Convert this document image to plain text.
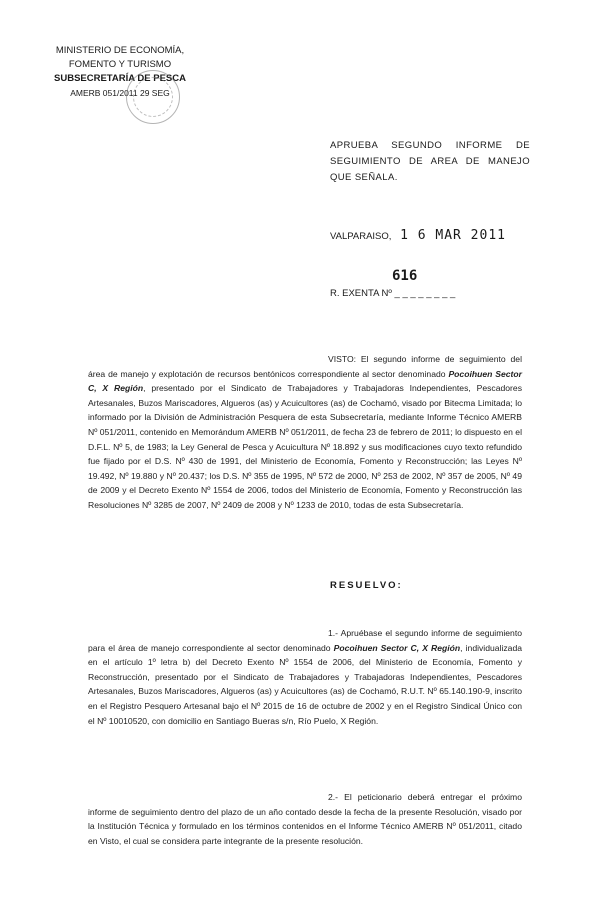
MINISTERIO DE ECONOMÍA,
FOMENTO Y TURISMO
SUBSECRETARÍA DE PESCA
AMERB 051/2011 29 SEG
APRUEBA SEGUNDO INFORME DE SEGUIMIENTO DE AREA DE MANEJO QUE SEÑALA.
VALPARAISO, 1 6 MAR 2011
616
R. EXENTA Nº _ _ _ _ _ _ _ _
VISTO: El segundo informe de seguimiento del área de manejo y explotación de recursos bentónicos correspondiente al sector denominado Pocoihuen Sector C, X Región, presentado por el Sindicato de Trabajadores y Trabajadoras Independientes, Pescadores Artesanales, Buzos Mariscadores, Algueros (as) y Acuicultores (as) de Cochamó, visado por Bitecma Limitada; lo informado por la División de Administración Pesquera de esta Subsecretaría, mediante Informe Técnico AMERB Nº 051/2011, contenido en Memorándum AMERB Nº 051/2011, de fecha 23 de febrero de 2011; lo dispuesto en el D.F.L. Nº 5, de 1983; la Ley General de Pesca y Acuicultura Nº 18.892 y sus modificaciones cuyo texto refundido fue fijado por el D.S. Nº 430 de 1991, del Ministerio de Economía, Fomento y Reconstrucción; las Leyes Nº 19.492, Nº 19.880 y Nº 20.437; los D.S. Nº 355 de 1995, Nº 572 de 2000, Nº 253 de 2002, Nº 357 de 2005, Nº 49 de 2009 y el Decreto Exento Nº 1554 de 2006, todos del Ministerio de Economía, Fomento y Reconstrucción las Resoluciones Nº 3285 de 2007, Nº 2409 de 2008 y Nº 1233 de 2010, todas de esta Subsecretaría.
RESUELVO:
1.- Apruébase el segundo informe de seguimiento para el área de manejo correspondiente al sector denominado Pocoihuen Sector C, X Región, individualizada en el artículo 1º letra b) del Decreto Exento Nº 1554 de 2006, del Ministerio de Economía, Fomento y Reconstrucción, presentado por el Sindicato de Trabajadores y Trabajadoras Independientes, Pescadores Artesanales, Buzos Mariscadores, Algueros (as) y Acuicultores (as) de Cochamó, R.U.T. Nº 65.140.190-9, inscrito en el Registro Pesquero Artesanal bajo el Nº 2015 de 16 de octubre de 2002 y en el Registro Sindical Único con el Nº 10010520, con domicilio en Santiago Bueras s/n, Río Puelo, X Región.
2.- El peticionario deberá entregar el próximo informe de seguimiento dentro del plazo de un año contado desde la fecha de la presente Resolución, visado por la Institución Técnica y formulado en los términos contenidos en el Informe Técnico AMERB Nº 051/2011, citado en Visto, el cual se considera parte integrante de la presente resolución.
